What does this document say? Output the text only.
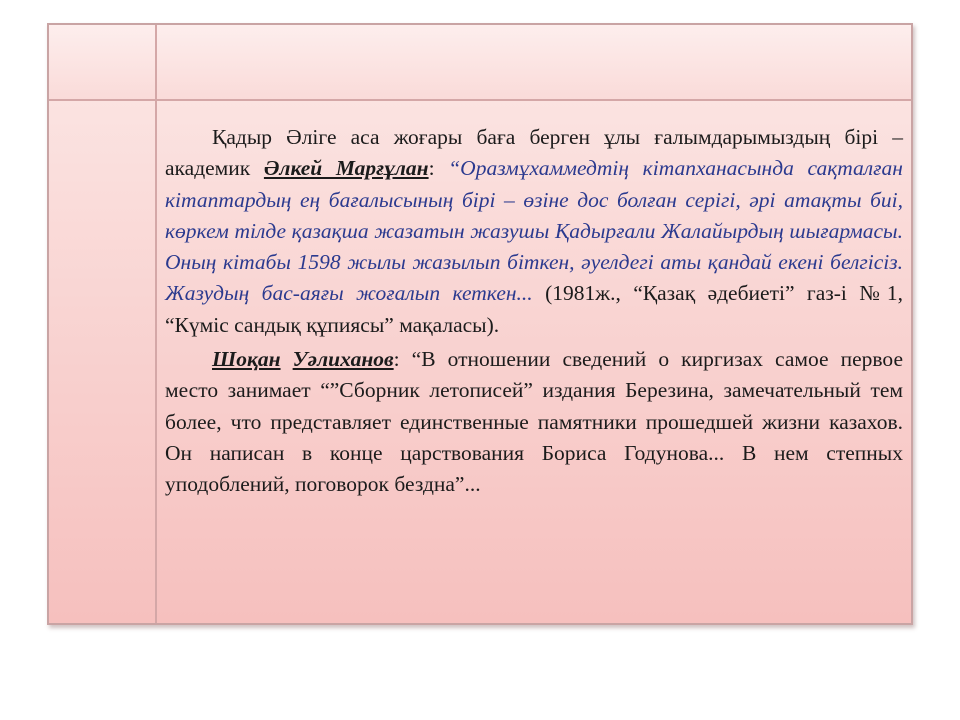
Қадыр Әліге аса жоғары баға берген ұлы ғалымдарымыздың бірі – академик Әлкей Марғұлан: “Оразмұхаммедтің кітапханасында сақталған кітаптардың ең бағалысының бірі – өзіне дос болған серігі, әрі атақты биі, көркем тілде қазақша жазатын жазушы Қадырғали Жалайырдың шығармасы. Оның кітабы 1598 жылы жазылып біткен, әуелдегі аты қандай екені белгісіз. Жазудың бас-аяғы жоғалып кеткен... (1981ж., “Қазақ әдебиеті” газ-і №1, “Күміс сандық құпиясы” мақаласы).

Шоқан Уәлиханов: “В отношении сведений о киргизах самое первое место занимает “”Сборник летописей” издания Березина, замечательный тем более, что представляет единственные памятники прошедшей жизни казахов. Он написан в конце царствования Бориса Годунова... В нем степных уподоблений, поговорок бездна”...
